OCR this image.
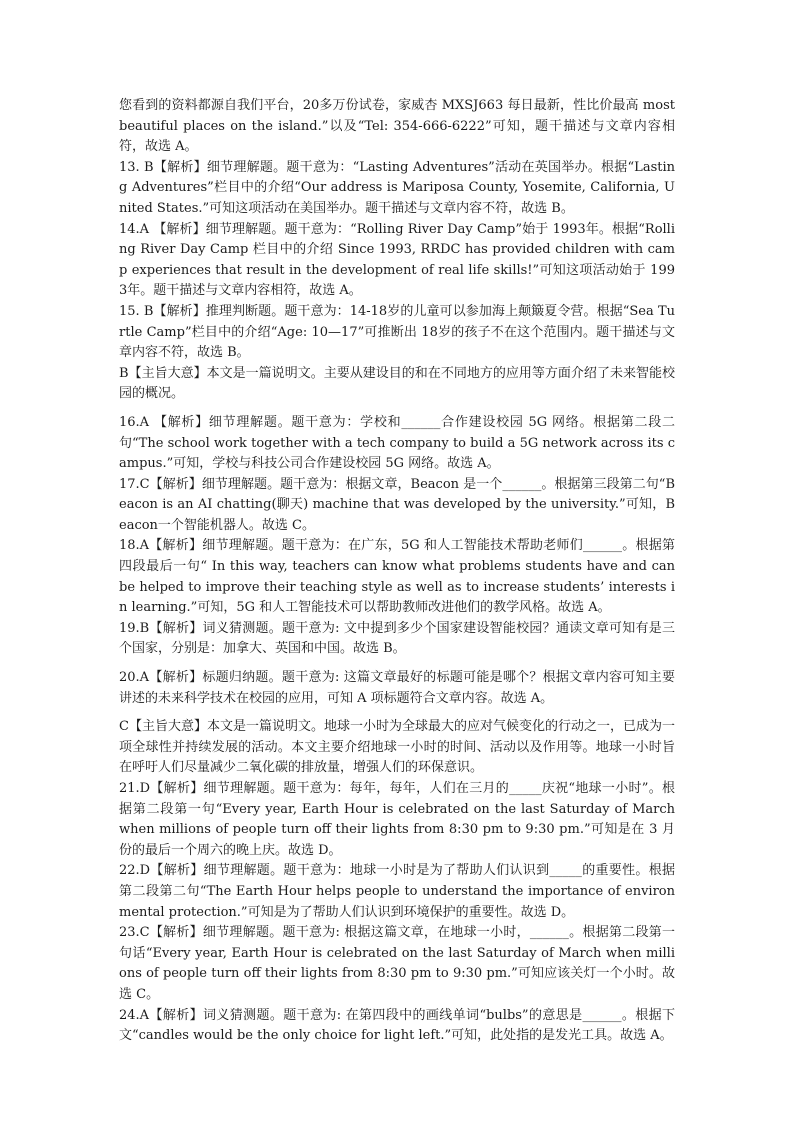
您看到的资料都源自我们平台，20多万份试卷，家威杏 MXSJ663 每日最新，性比价最高 most beautiful places on the island.”以及“Tel: 354-666-6222”可知，题干描述与文章内容相符，故选 A。

13. B【解析】细节理解题。题干意为：“Lasting Adventures”活动在英国举办。根据“Lasting Adventures”栏目中的介绍“Our address is Mariposa County, Yosemite, California, United States.”可知这项活动在美国举办。题干描述与文章内容不符，故选 B。

14.A 【解析】细节理解题。题干意为：“Rolling River Day Camp”始于 1993年。根据“Rolling River Day Camp 栏目中的介绍 Since 1993, RRDC has provided children with camp experiences that result in the development of real life skills!”可知这项活动始于 1993年。题干描述与文章内容相符，故选 A。

15. B【解析】推理判断题。题干意为：14-18岁的儿童可以参加海上颠簸夏令营。根据“Sea Turtle Camp”栏目中的介绍“Age: 10—17”可推断出 18岁的孩子不在这个范围内。题干描述与文章内容不符，故选 B。

B【主旨大意】本文是一篇说明文。主要从建设目的和在不同地方的应用等方面介绍了未来智能校园的概况。

16.A 【解析】细节理解题。题干意为：学校和______合作建设校园 5G 网络。根据第二段二句“The school work together with a tech company to build a 5G network across its campus.”可知，学校与科技公司合作建设校园 5G 网络。故选 A。

17.C【解析】细节理解题。题干意为：根据文章，Beacon 是一个______。根据第三段第二句“Beacon is an AI chatting(聊天) machine that was developed by the university.”可知，Beacon一个智能机器人。故选 C。

18.A【解析】细节理解题。题干意为：在广东，5G 和人工智能技术帮助老师们______。根据第四段最后一句“ In this way, teachers can know what problems students have and can be helped to improve their teaching style as well as to increase students’ interests in learning.”可知，5G 和人工智能技术可以帮助教师改进他们的教学风格。故选 A。

19.B【解析】词义猜测题。题干意为: 文中提到多少个国家建设智能校园？通读文章可知有是三个国家，分别是：加拿大、英国和中国。故选 B。

20.A【解析】标题归纳题。题干意为: 这篇文章最好的标题可能是哪个？根据文章内容可知主要讲述的未来科学技术在校园的应用，可知 A 项标题符合文章内容。故选 A。

C【主旨大意】本文是一篇说明文。地球一小时为全球最大的应对气候变化的行动之一，已成为一项全球性并持续发展的活动。本文主要介绍地球一小时的时间、活动以及作用等。地球一小时旨在呼吁人们尽量减少二氧化碳的排放量，增强人们的环保意识。

21.D【解析】细节理解题。题干意为：每年，每年，人们在三月的_____庆祝“地球一小时”。根据第二段第一句“Every year, Earth Hour is celebrated on the last Saturday of March when millions of people turn off their lights from 8:30 pm to 9:30 pm.”可知是在 3 月份的最后一个周六的晚上庆。故选 D。

22.D【解析】细节理解题。题干意为：地球一小时是为了帮助人们认识到_____的重要性。根据第二段第二句“The Earth Hour helps people to understand the importance of environmental protection.”可知是为了帮助人们认识到环境保护的重要性。故选 D。

23.C【解析】细节理解题。题干意为: 根据这篇文章，在地球一小时，______。根据第二段第一句话“Every year, Earth Hour is celebrated on the last Saturday of March when millions of people turn off their lights from 8:30 pm to 9:30 pm.”可知应该关灯一个小时。故选 C。

24.A【解析】词义猜测题。题干意为: 在第四段中的画线单词“bulbs”的意思是______。根据下文“candles would be the only choice for light left.”可知，此处指的是发光工具。故选 A。
